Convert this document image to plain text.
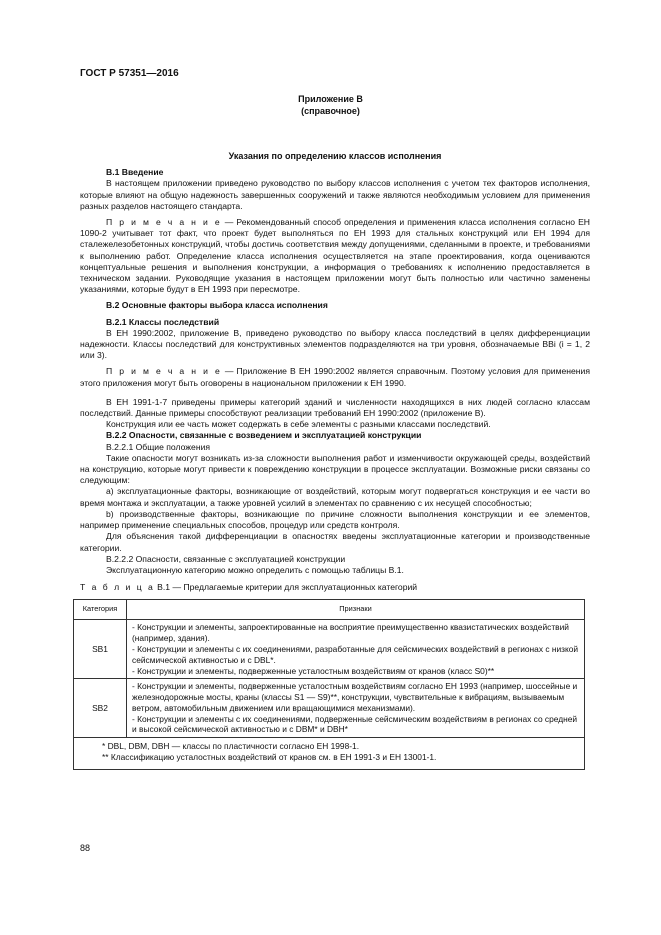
ГОСТ Р 57351—2016
Приложение B
(справочное)

Указания по определению классов исполнения

B.1 Введение

В настоящем приложении приведено руководство по выбору классов исполнения с учетом тех факторов исполнения, которые влияют на общую надежность завершенных сооружений и также являются необходимым условием для применения разных разделов настоящего стандарта.

П р и м е ч а н и е — Рекомендованный способ определения и применения класса исполнения согласно ЕН 1090-2 учитывает тот факт, что проект будет выполняться по ЕН 1993 для стальных конструкций или ЕН 1994 для сталежелезобетонных конструкций, чтобы достичь соответствия между допущениями, сделанными в проекте, и требованиями к выполнению работ. Определение класса исполнения осуществляется на этапе проектирования, когда оцениваются концептуальные решения и выполнения конструкции, а информация о требованиях к исполнению предоставляется в техническом задании. Руководящие указания в настоящем приложении могут быть полностью или частично заменены указаниями, которые будут в ЕН 1993 при пересмотре.

B.2 Основные факторы выбора класса исполнения

B.2.1 Классы последствий

В ЕН 1990:2002, приложение B, приведено руководство по выбору класса последствий в целях дифференциации надежности. Классы последствий для конструктивных элементов подразделяются на три уровня, обозначаемые ВВі (i = 1, 2 или 3).

П р и м е ч а н и е — Приложение B ЕН 1990:2002 является справочным. Поэтому условия для применения этого приложения могут быть оговорены в национальном приложении к ЕН 1990.

В ЕН 1991-1-7 приведены примеры категорий зданий и численности находящихся в них людей согласно классам последствий. Данные примеры способствуют реализации требований ЕН 1990:2002 (приложение B).

Конструкция или ее часть может содержать в себе элементы с разными классами последствий.

B.2.2 Опасности, связанные с возведением и эксплуатацией конструкции

B.2.2.1 Общие положения

Такие опасности могут возникать из-за сложности выполнения работ и изменчивости окружающей среды, воздействий на конструкцию, которые могут привести к повреждению конструкции в процессе эксплуатации. Возможные риски связаны со следующим:

a) эксплуатационные факторы, возникающие от воздействий, которым могут подвергаться конструкция и ее части во время монтажа и эксплуатации, а также уровней усилий в элементах по сравнению с их несущей способностью;

b) производственные факторы, возникающие по причине сложности выполнения конструкции и ее элементов, например применение специальных способов, процедур или средств контроля.

Для объяснения такой дифференциации в опасностях введены эксплуатационные категории и производственные категории.

B.2.2.2 Опасности, связанные с эксплуатацией конструкции

Эксплуатационную категорию можно определить с помощью таблицы B.1.

Т а б л и ц а B.1 — Предлагаемые критерии для эксплуатационных категорий

Категория	Признаки
SB1	- Конструкции и элементы, запроектированные на восприятие преимущественно квазистатических воздействий (например, здания).
- Конструкции и элементы с их соединениями, разработанные для сейсмических воздействий в регионах с низкой сейсмической активностью и с DBL*.
- Конструкции и элементы, подверженные усталостным воздействиям от кранов (класс S0)**

SB2	- Конструкции и элементы, подверженные усталостным воздействиям согласно ЕН 1993 (например, шоссейные и железнодорожные мосты, краны (классы S1 — S9)**, конструкции, чувствительные к вибрациям, вызываемым ветром, автомобильным движением или вращающимися механизмами).
- Конструкции и элементы с их соединениями, подверженные сейсмическим воздействиям в регионах со средней и высокой сейсмической активностью и с DBM* и DBH*

* DBL, DBM, DBH — классы по пластичности согласно ЕН 1998-1.
** Классификацию усталостных воздействий от кранов см. в ЕН 1991-3 и ЕН 13001-1.	
88
